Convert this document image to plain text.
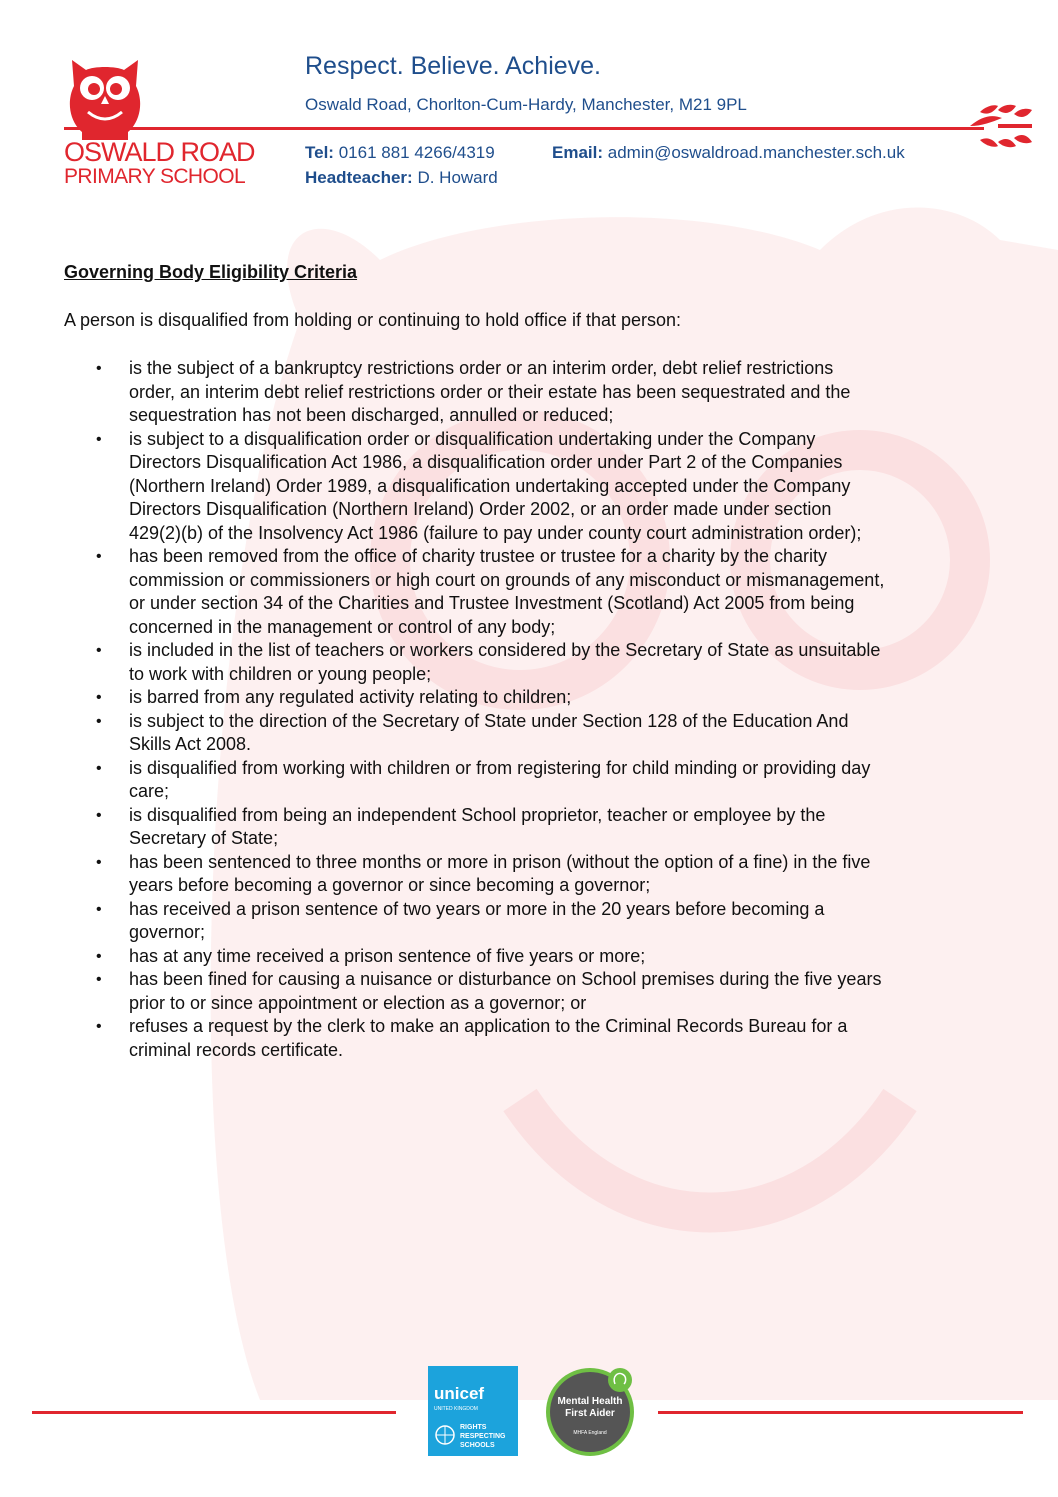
OSWALD ROAD
PRIMARY SCHOOL
Respect. Believe. Achieve.
Oswald Road, Chorlton-Cum-Hardy, Manchester, M21 9PL
Tel: 0161 881 4266/4319	Email: admin@oswaldroad.manchester.sch.uk
Headteacher: D. Howard
Governing Body Eligibility Criteria
A person is disqualified from holding or continuing to hold office if that person:
• is the subject of a bankruptcy restrictions order or an interim order, debt relief restrictions
order, an interim debt relief restrictions order or their estate has been sequestrated and the
sequestration has not been discharged, annulled or reduced;
• is subject to a disqualification order or disqualification undertaking under the Company
Directors Disqualification Act 1986, a disqualification order under Part 2 of the Companies
(Northern Ireland) Order 1989, a disqualification undertaking accepted under the Company
Directors Disqualification (Northern Ireland) Order 2002, or an order made under section
429(2)(b) of the Insolvency Act 1986 (failure to pay under county court administration order);
• has been removed from the office of charity trustee or trustee for a charity by the charity
commission or commissioners or high court on grounds of any misconduct or mismanagement,
or under section 34 of the Charities and Trustee Investment (Scotland) Act 2005 from being
concerned in the management or control of any body;
• is included in the list of teachers or workers considered by the Secretary of State as unsuitable
to work with children or young people;
• is barred from any regulated activity relating to children;
• is subject to the direction of the Secretary of State under Section 128 of the Education And
Skills Act 2008.
• is disqualified from working with children or from registering for child minding or providing day
care;
• is disqualified from being an independent School proprietor, teacher or employee by the
Secretary of State;
• has been sentenced to three months or more in prison (without the option of a fine) in the five
years before becoming a governor or since becoming a governor;
• has received a prison sentence of two years or more in the 20 years before becoming a
governor;
• has at any time received a prison sentence of five years or more;
• has been fined for causing a nuisance or disturbance on School premises during the five years
prior to or since appointment or election as a governor; or
• refuses a request by the clerk to make an application to the Criminal Records Bureau for a
criminal records certificate.
unicef
UNITED KINGDOM
RIGHTS
RESPECTING
SCHOOLS
Mental Health
First Aider
MHFA England
